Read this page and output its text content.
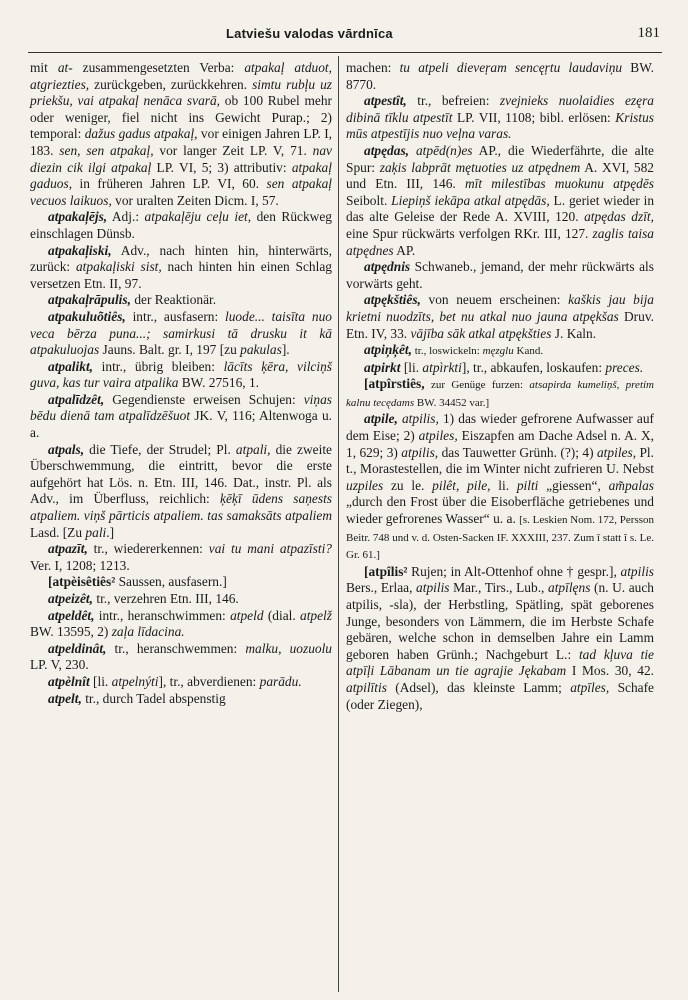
Latviešu valodas vārdnīca	181

mit at- zusammengesetzten Verba: atpakaļ atduot, atgriezties, zurückgeben, zurückkehren. simtu rubļu uz priekšu, vai atpakaļ nenāca svarā, ob 100 Rubel mehr oder weniger, fiel nicht ins Gewicht Purap.; 2) temporal: dažus gadus atpakaļ, vor einigen Jahren LP. I, 183. sen, sen atpakaļ, vor langer Zeit LP. V, 71. nav diezin cik ilgi atpakaļ LP. VI, 5; 3) attributiv: atpakaļ gaduos, in früheren Jahren LP. VI, 60. sen atpakaļ vecuos laikuos, vor uralten Zeiten Dicm. I, 57.

atpakaļējs, Adj.: atpakaļēju ceļu iet, den Rückweg einschlagen Dünsb.

atpakaļiski, Adv., nach hinten hin, hinterwärts, zurück: atpakaļiski sist, nach hinten hin einen Schlag versetzen Etn. II, 97.

atpakaļrāpulis, der Reaktionär.

atpakuluõtiês, intr., ausfasern: luode... taisīta nuo veca bērza puna...; samirkusi tā drusku it kā atpakuluojas Jauns. Balt. gr. I, 197 [zu pakulas].

atpalikt, intr., übrig bleiben: lācīts ķēra, vilciņš guva, kas tur vaira atpalika BW. 27516, 1.

atpalīdzêt, Gegendienste erweisen Schujen: viņas bēdu dienā tam atpalīdzēšuot JK. V, 116; Altenwoga u. a.

atpals, die Tiefe, der Strudel; Pl. atpali, die zweite Überschwemmung, die eintritt, bevor die erste aufgehört hat Lös. n. Etn. III, 146. Dat., instr. Pl. als Adv., im Überfluss, reichlich: ķēķī ūdens saņests atpaliem. viņš pārticis atpaliem. tas samaksāts atpaliem Lasd. [Zu pali.]

atpazīt, tr., wiedererkennen: vai tu mani atpazīsti? Ver. I, 1208; 1213.

[atpèisêtiês² Saussen, ausfasern.]

atpeizêt, tr., verzehren Etn. III, 146.

atpeldêt, intr., heranschwimmen: atpeld (dial. atpelž BW. 13595, 2) zaļa līdacina.

atpeldinât, tr., heranschwemmen: malku, uozuolu LP. V, 230.

atpèlnît [li. atpelnýti], tr., abverdienen: parādu.

atpelt, tr., durch Tadel abspenstig

machen: tu atpeli dieveŗam sencęŗtu laudaviņu BW. 8770.

atpestît, tr., befreien: zvejnieks nuolaidies ezęra dibinā tīklu atpestīt LP. VII, 1108; bibl. erlösen: Kristus mūs atpestījis nuo veļna varas.

atpędas, atpēd(n)es AP., die Wiederfährte, die alte Spur: zaķis labprāt mętuoties uz atpędnem A. XVI, 582 und Etn. III, 146. mīt milestības muokunu atpędēs Seibolt. Liepiņš iekāpa atkal atpędās, L. geriet wieder in das alte Geleise der Rede A. XVIII, 120. atpędas dzīt, eine Spur rückwärts verfolgen RKr. III, 127. zaglis taisa atpędnes AP.

atpędnis Schwaneb., jemand, der mehr rückwärts als vorwärts geht.

atpękštiês, von neuem erscheinen: kaškis jau bija krietni nuodzīts, bet nu atkal nuo jauna atpękšas Druv. Etn. IV, 33. vājība sāk atkal atpękšties J. Kaln.

atpiņķêt, tr., loswickeln: męzglu Kand.

atpirkt [li. atpìrkti], tr., abkaufen, loskaufen: preces.

[atpîrstiês, zur Genüge furzen: atsapirda kumeliņš, pretim kalnu tecędams BW. 34452 var.]

atpile, atpilis, 1) das wieder gefrorene Aufwasser auf dem Eise; 2) atpiles, Eiszapfen am Dache Adsel n. A. X, 1, 629; 3) atpilis, das Tauwetter Grünh. (?); 4) atpiles, Pl. t., Morastestellen, die im Winter nicht zufrieren U. Nebst uzpiles zu le. pilêt, pile, li. pilti „giessen“, am̃palas „durch den Frost über die Eisoberfläche getriebenes und wieder gefrorenes Wasser“ u. a. [s. Leskien Nom. 172, Persson Beitr. 748 und v. d. Osten-Sacken IF. XXXIII, 237. Zum ī statt ĭ s. Le. Gr. 61.]

[atpîlis² Rujen; in Alt-Ottenhof ohne † gespr.], atpilis Bers., Erlaa, atpilis Mar., Tirs., Lub., atpīlęns (n. U. auch atpilis, -sla), der Herbstling, Spätling, spät geborenes Junge, besonders von Lämmern, die im Herbste Schafe gebären, welche schon in demselben Jahre ein Lamm geboren haben Grünh.; Nachgeburt L.: tad kļuva tie atpīļi Lābanam un tie agrajie Jękabam I Mos. 30, 42. atpilītis (Adsel), das kleinste Lamm; atpīles, Schafe (oder Ziegen),
